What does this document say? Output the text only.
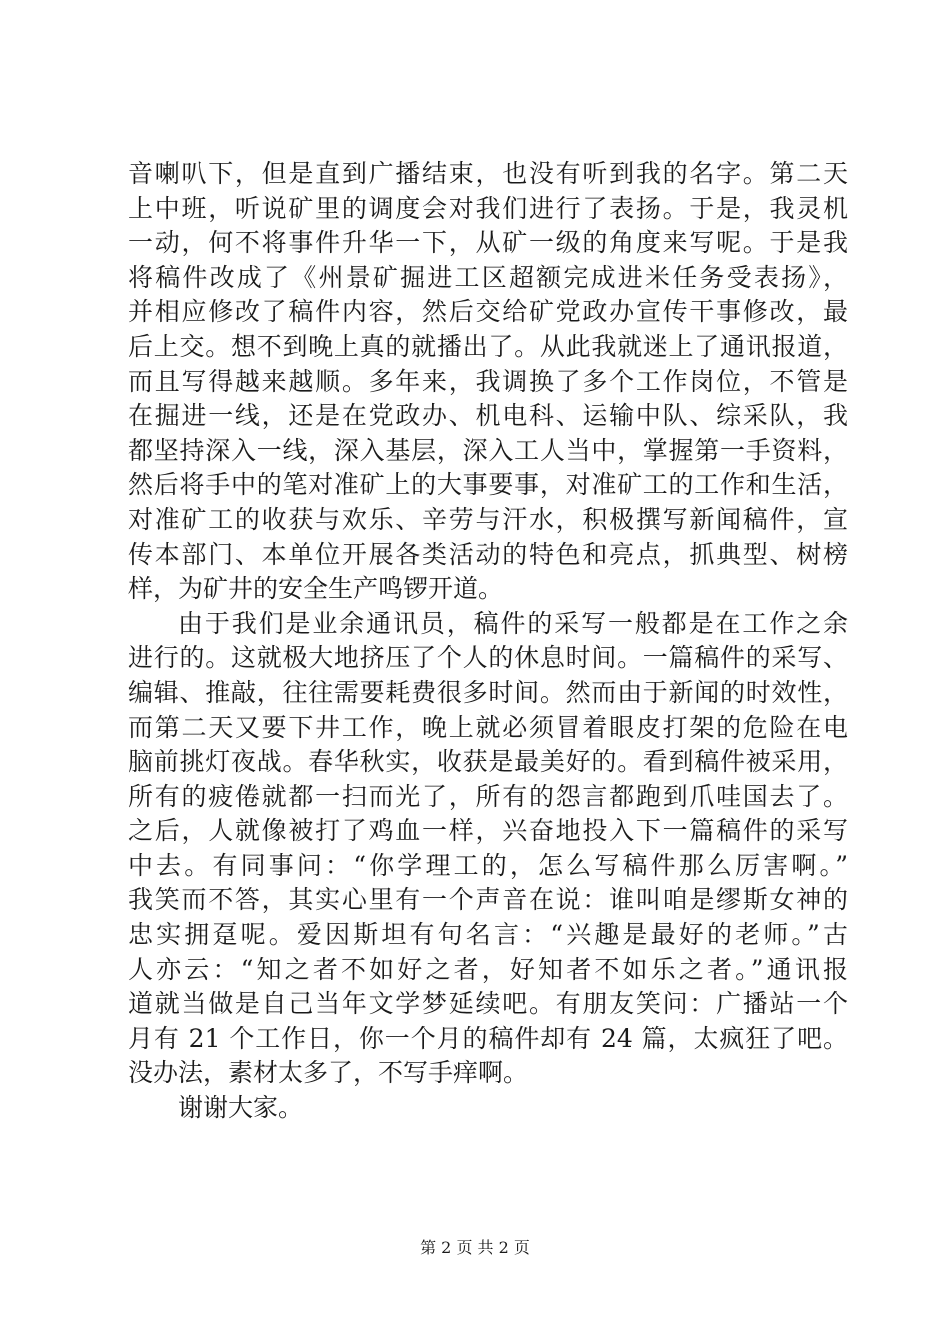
音喇叭下，但是直到广播结束，也没有听到我的名字。第二天
上中班，听说矿里的调度会对我们进行了表扬。于是，我灵机
一动，何不将事件升华一下，从矿一级的角度来写呢。于是我
将稿件改成了《州景矿掘进工区超额完成进米任务受表扬》，
并相应修改了稿件内容，然后交给矿党政办宣传干事修改，最
后上交。想不到晚上真的就播出了。从此我就迷上了通讯报道，
而且写得越来越顺。多年来，我调换了多个工作岗位，不管是
在掘进一线，还是在党政办、机电科、运输中队、综采队，我
都坚持深入一线，深入基层，深入工人当中，掌握第一手资料，
然后将手中的笔对准矿上的大事要事，对准矿工的工作和生活，
对准矿工的收获与欢乐、辛劳与汗水，积极撰写新闻稿件，宣
传本部门、本单位开展各类活动的特色和亮点，抓典型、树榜
样，为矿井的安全生产鸣锣开道。
由于我们是业余通讯员，稿件的采写一般都是在工作之余
进行的。这就极大地挤压了个人的休息时间。一篇稿件的采写、
编辑、推敲，往往需要耗费很多时间。然而由于新闻的时效性，
而第二天又要下井工作，晚上就必须冒着眼皮打架的危险在电
脑前挑灯夜战。春华秋实，收获是最美好的。看到稿件被采用，
所有的疲倦就都一扫而光了，所有的怨言都跑到爪哇国去了。
之后，人就像被打了鸡血一样，兴奋地投入下一篇稿件的采写
中去。有同事问：“你学理工的，怎么写稿件那么厉害啊。”
我笑而不答，其实心里有一个声音在说：谁叫咱是缪斯女神的
忠实拥趸呢。爱因斯坦有句名言：“兴趣是最好的老师。”古
人亦云：“知之者不如好之者，好知者不如乐之者。”通讯报
道就当做是自己当年文学梦延续吧。有朋友笑问：广播站一个
月有 21 个工作日，你一个月的稿件却有 24 篇，太疯狂了吧。
没办法，素材太多了，不写手痒啊。
谢谢大家。
第 2 页 共 2 页
